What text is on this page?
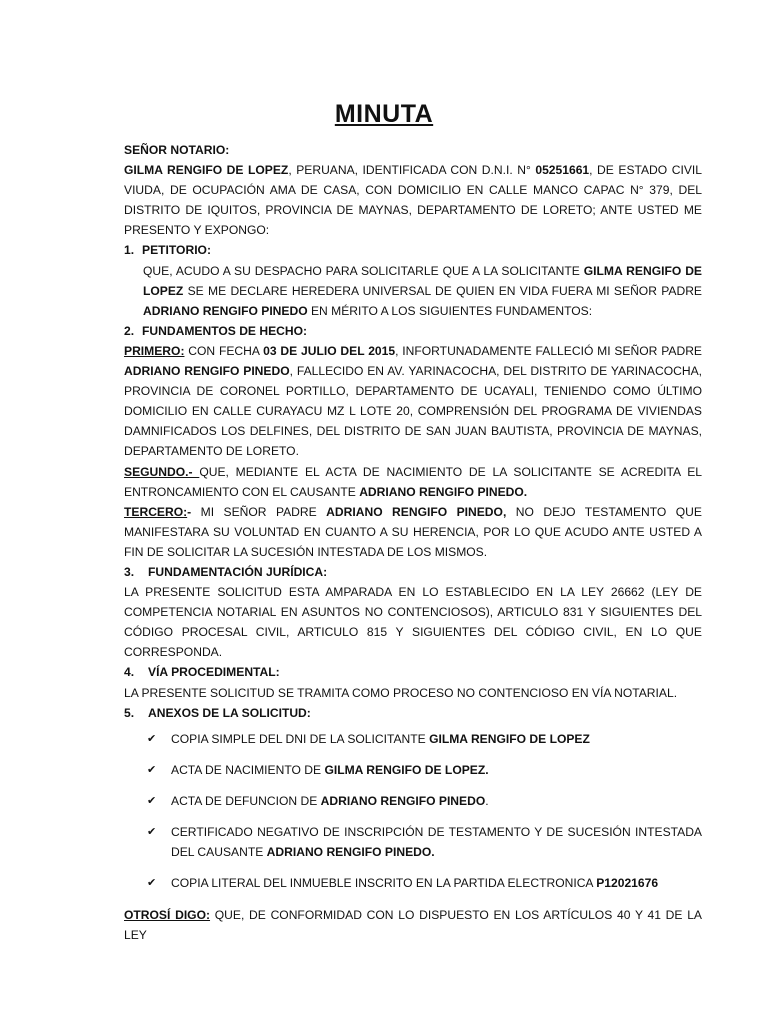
MINUTA

SEÑOR NOTARIO:

GILMA RENGIFO DE LOPEZ, PERUANA, IDENTIFICADA CON D.N.I. N° 05251661, DE ESTADO CIVIL VIUDA, DE OCUPACIÓN AMA DE CASA, CON DOMICILIO EN CALLE MANCO CAPAC N° 379, DEL DISTRITO DE IQUITOS, PROVINCIA DE MAYNAS, DEPARTAMENTO DE LORETO; ANTE USTED ME PRESENTO Y EXPONGO:

1. PETITORIO:

QUE, ACUDO A SU DESPACHO PARA SOLICITARLE QUE A LA SOLICITANTE GILMA RENGIFO DE LOPEZ SE ME DECLARE HEREDERA UNIVERSAL DE QUIEN EN VIDA FUERA MI SEÑOR PADRE ADRIANO RENGIFO PINEDO EN MÉRITO A LOS SIGUIENTES FUNDAMENTOS:

2. FUNDAMENTOS DE HECHO:

PRIMERO: CON FECHA 03 DE JULIO DEL 2015, INFORTUNADAMENTE FALLECIÓ MI SEÑOR PADRE ADRIANO RENGIFO PINEDO, FALLECIDO EN AV. YARINACOCHA, DEL DISTRITO DE YARINACOCHA, PROVINCIA DE CORONEL PORTILLO, DEPARTAMENTO DE UCAYALI, TENIENDO COMO ÚLTIMO DOMICILIO EN CALLE CURAYACU MZ L LOTE 20, COMPRENSIÓN DEL PROGRAMA DE VIVIENDAS DAMNIFICADOS LOS DELFINES, DEL DISTRITO DE SAN JUAN BAUTISTA, PROVINCIA DE MAYNAS, DEPARTAMENTO DE LORETO.

SEGUNDO.- QUE, MEDIANTE EL ACTA DE NACIMIENTO DE LA SOLICITANTE SE ACREDITA EL ENTRONCAMIENTO CON EL CAUSANTE ADRIANO RENGIFO PINEDO.

TERCERO:- MI SEÑOR PADRE ADRIANO RENGIFO PINEDO, NO DEJO TESTAMENTO QUE MANIFESTARA SU VOLUNTAD EN CUANTO A SU HERENCIA, POR LO QUE ACUDO ANTE USTED A FIN DE SOLICITAR LA SUCESIÓN INTESTADA DE LOS MISMOS.

3.	FUNDAMENTACIÓN JURÍDICA:

LA PRESENTE SOLICITUD ESTA AMPARADA EN LO ESTABLECIDO EN LA LEY 26662 (LEY DE COMPETENCIA NOTARIAL EN ASUNTOS NO CONTENCIOSOS), ARTICULO 831 Y SIGUIENTES DEL CÓDIGO PROCESAL CIVIL, ARTICULO 815 Y SIGUIENTES DEL CÓDIGO CIVIL, EN LO QUE CORRESPONDA.

4.	VÍA PROCEDIMENTAL:

LA PRESENTE SOLICITUD SE TRAMITA COMO PROCESO NO CONTENCIOSO EN VÍA NOTARIAL.

5.	ANEXOS DE LA SOLICITUD:
✔	COPIA SIMPLE DEL DNI DE LA SOLICITANTE GILMA RENGIFO DE LOPEZ
✔	ACTA DE NACIMIENTO DE GILMA RENGIFO DE LOPEZ.
✔	ACTA DE DEFUNCION DE ADRIANO RENGIFO PINEDO.
✔	CERTIFICADO NEGATIVO DE INSCRIPCIÓN DE TESTAMENTO Y DE SUCESIÓN INTESTADA DEL CAUSANTE ADRIANO RENGIFO PINEDO.
✔	COPIA LITERAL DEL INMUEBLE INSCRITO EN LA PARTIDA ELECTRONICA P12021676

OTROSÍ DIGO: QUE, DE CONFORMIDAD CON LO DISPUESTO EN LOS ARTÍCULOS 40 Y 41 DE LA LEY
